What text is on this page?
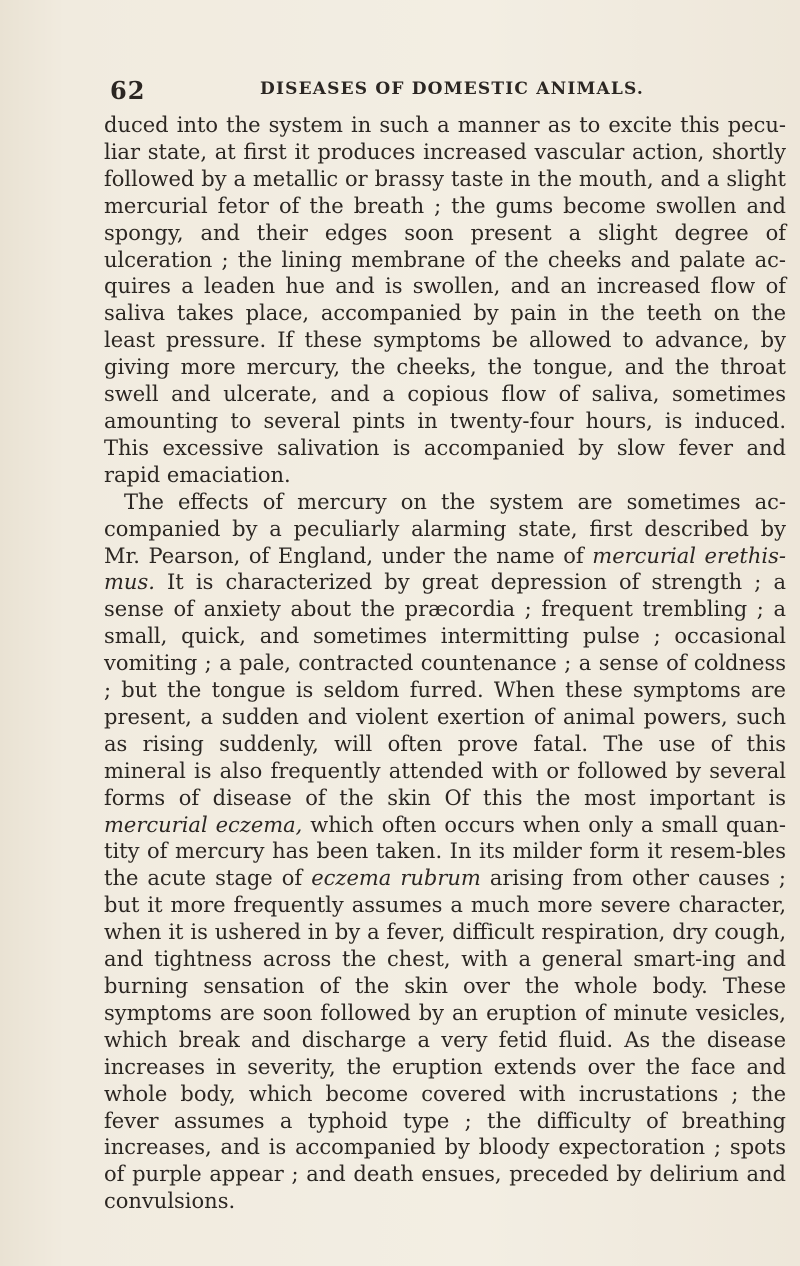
62	DISEASES OF DOMESTIC ANIMALS.

duced into the system in such a manner as to excite this pecu-liar state, at first it produces increased vascular action, shortly followed by a metallic or brassy taste in the mouth, and a slight mercurial fetor of the breath ; the gums become swollen and spongy, and their edges soon present a slight degree of ulceration ; the lining membrane of the cheeks and palate ac-quires a leaden hue and is swollen, and an increased flow of saliva takes place, accompanied by pain in the teeth on the least pressure. If these symptoms be allowed to advance, by giving more mercury, the cheeks, the tongue, and the throat swell and ulcerate, and a copious flow of saliva, sometimes amounting to several pints in twenty-four hours, is induced. This excessive salivation is accompanied by slow fever and rapid emaciation.

The effects of mercury on the system are sometimes ac-companied by a peculiarly alarming state, first described by Mr. Pearson, of England, under the name of mercurial erethis-mus. It is characterized by great depression of strength ; a sense of anxiety about the præcordia ; frequent trembling ; a small, quick, and sometimes intermitting pulse ; occasional vomiting ; a pale, contracted countenance ; a sense of coldness ; but the tongue is seldom furred. When these symptoms are present, a sudden and violent exertion of animal powers, such as rising suddenly, will often prove fatal. The use of this mineral is also frequently attended with or followed by several forms of disease of the skin Of this the most important is mercurial eczema, which often occurs when only a small quan-tity of mercury has been taken. In its milder form it resem-bles the acute stage of eczema rubrum arising from other causes ; but it more frequently assumes a much more severe character, when it is ushered in by a fever, difficult respiration, dry cough, and tightness across the chest, with a general smart-ing and burning sensation of the skin over the whole body. These symptoms are soon followed by an eruption of minute vesicles, which break and discharge a very fetid fluid. As the disease increases in severity, the eruption extends over the face and whole body, which become covered with incrustations ; the fever assumes a typhoid type ; the difficulty of breathing increases, and is accompanied by bloody expectoration ; spots of purple appear ; and death ensues, preceded by delirium and convulsions.
